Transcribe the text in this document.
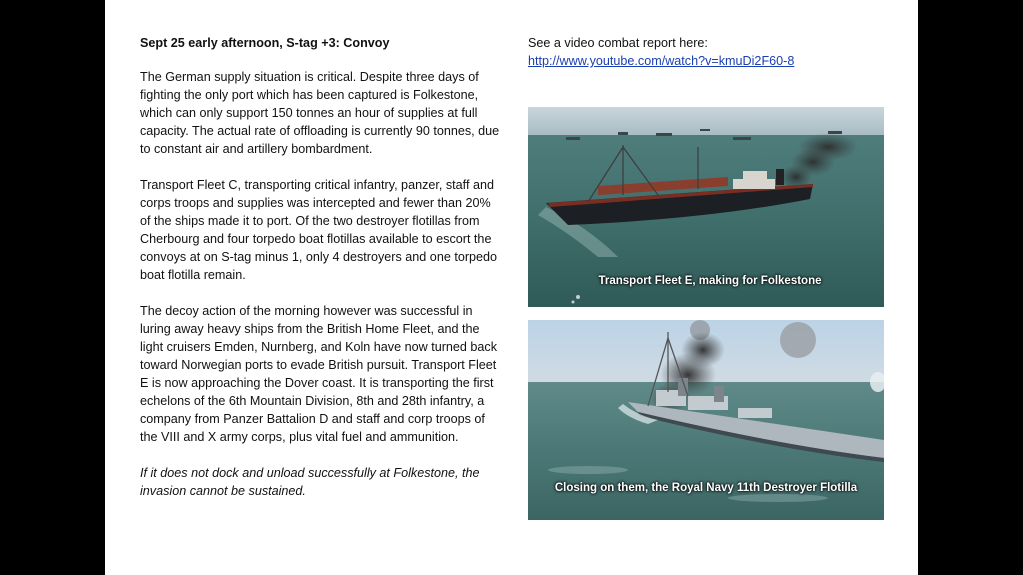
Sept 25 early afternoon, S-tag +3: Convoy

The German supply situation is critical. Despite three days of fighting the only port which has been captured is Folkestone, which can only support 150 tonnes an hour of supplies at full capacity. The actual rate of offloading is currently 90 tonnes, due to constant air and artillery bombardment.

Transport Fleet C, transporting critical infantry, panzer, staff and corps troops and supplies was intercepted and fewer than 20% of the ships made it to port. Of the two destroyer flotillas from Cherbourg and four torpedo boat flotillas available to escort the convoys at on S-tag minus 1, only 4 destroyers and one torpedo boat flotilla remain.

The decoy action of the morning however was successful in luring away heavy ships from the British Home Fleet, and the light cruisers Emden, Nurnberg, and Koln have now turned back toward Norwegian ports to evade British pursuit. Transport Fleet E is now approaching the Dover coast. It is transporting the first echelons of the 6th Mountain Division, 8th and 28th infantry, a company from Panzer Battalion D and staff and corp troops of the VIII and X army corps, plus vital fuel and ammunition.

If it does not dock and unload successfully at Folkestone, the invasion cannot be sustained.

See a video combat report here:
http://www.youtube.com/watch?v=kmuDi2F60-8
Transport Fleet E, making for Folkestone
Closing on them, the Royal Navy 11th Destroyer Flotilla
